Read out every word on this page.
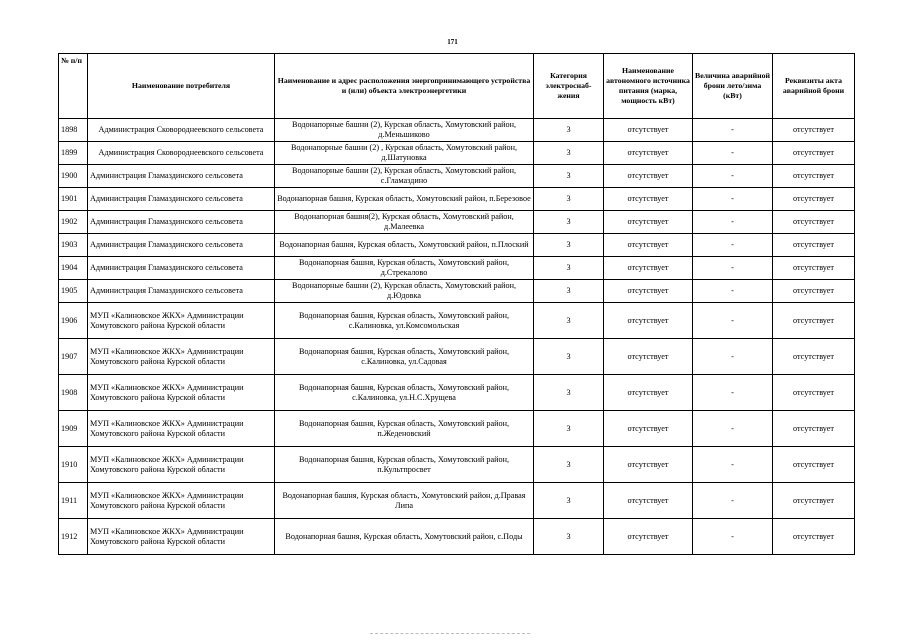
171
№ п/п	Наименование потребителя	Наименование и адрес расположения энергопринимающего устройства и (или) объекта электроэнергетики	Категория электроснаб-жения	Наименование автономного источника питания (марка, мощность кВт)	Величина аварийной брони лето/зима (кВт)	Реквизиты акта аварийной брони
1898	Администрация Сковороднеевского сельсовета	Водонапорные башни (2), Курская область, Хомутовский район, д.Меньшиково	3	отсутствует	-	отсутствует
1899	Администрация Сковороднеевского сельсовета	Водонапорные башни (2) , Курская область, Хомутовский район, д.Шатуновка	3	отсутствует	-	отсутствует
1900	Администрация Гламаздинского сельсовета	Водонапорные башни (2), Курская область, Хомутовский район, с.Гламаздино	3	отсутствует	-	отсутствует
1901	Администрация Гламаздинского сельсовета	Водонапорная башня, Курская область, Хомутовский район, п.Березовое	3	отсутствует	-	отсутствует
1902	Администрация Гламаздинского сельсовета	Водонапорная башня(2), Курская область, Хомутовский район, д.Малеевка	3	отсутствует	-	отсутствует
1903	Администрация Гламаздинского сельсовета	Водонапорная башня, Курская область, Хомутовский район, п.Плоский	3	отсутствует	-	отсутствует
1904	Администрация Гламаздинского сельсовета	Водонапорная башня, Курская область, Хомутовский район, д.Стрекалово	3	отсутствует	-	отсутствует
1905	Администрация Гламаздинского сельсовета	Водонапорные башни (2), Курская область, Хомутовский район, д.Юдовка	3	отсутствует	-	отсутствует
1906	МУП «Калиновское ЖКХ» Администрации Хомутовского района Курской области	Водонапорная башня, Курская область, Хомутовский район, с.Калиновка, ул.Комсомольская	3	отсутствует	-	отсутствует
1907	МУП «Калиновское ЖКХ» Администрации Хомутовского района Курской области	Водонапорная башня, Курская область, Хомутовский район, с.Калиновка, ул.Садовая	3	отсутствует	-	отсутствует
1908	МУП «Калиновское ЖКХ» Администрации Хомутовского района Курской области	Водонапорная башня, Курская область, Хомутовский район, с.Калиновка, ул.Н.С.Хрущева	3	отсутствует	-	отсутствует
1909	МУП «Калиновское ЖКХ» Администрации Хомутовского района Курской области	Водонапорная башня, Курская область, Хомутовский район, п.Жеденовский	3	отсутствует	-	отсутствует
1910	МУП «Калиновское ЖКХ» Администрации Хомутовского района Курской области	Водонапорная башня, Курская область, Хомутовский район, п.Культпросвет	3	отсутствует	-	отсутствует
1911	МУП «Калиновское ЖКХ» Администрации Хомутовского района Курской области	Водонапорная башня, Курская область, Хомутовский район, д.Правая Липа	3	отсутствует	-	отсутствует
1912	МУП «Калиновское ЖКХ» Администрации Хомутовского района Курской области	Водонапорная башня, Курская область, Хомутовский район, с.Поды	3	отсутствует	-	отсутствует
